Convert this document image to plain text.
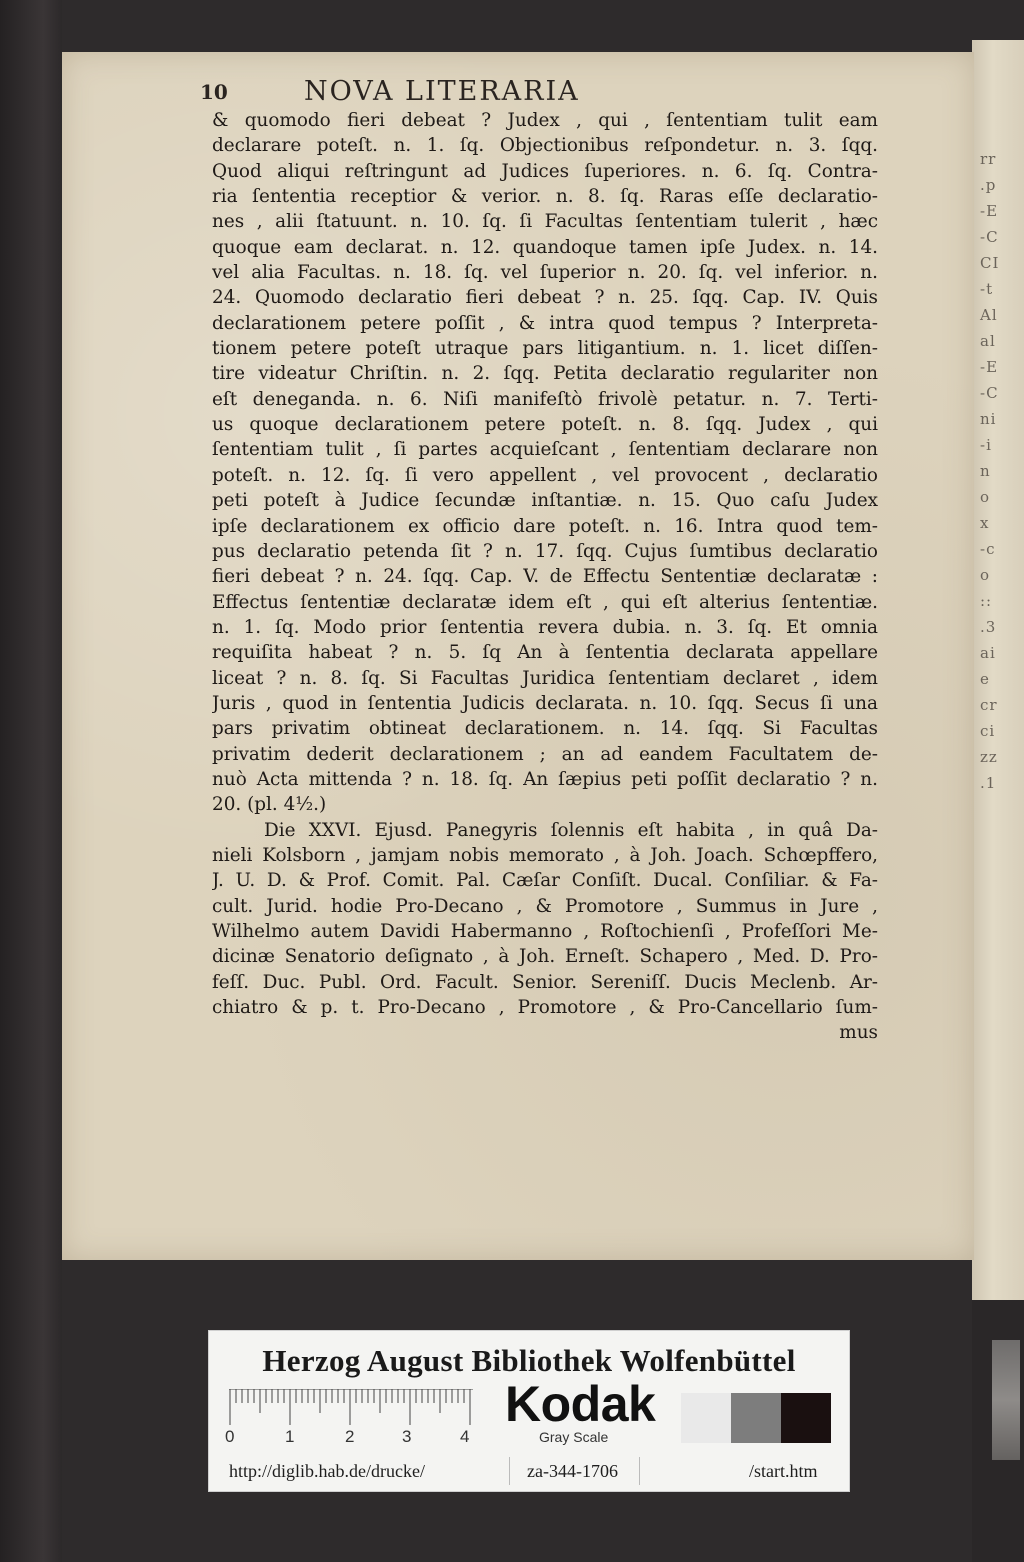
rr
.p
-E
-C
CI
-t
Al
al
-E
-C
ni
-i
n
o
x
-c
o
::
.3
ai
e
cr
ci
zz
.1
10	NOVA LITERARIA
& quomodo fieri debeat ? Judex , qui , ſententiam tulit eam
declarare poteſt. n. 1. ſq. Objectionibus reſpondetur. n. 3. ſqq.
Quod aliqui reſtringunt ad Judices ſuperiores. n. 6. ſq. Contra-
ria ſententia receptior & verior. n. 8. ſq. Raras eſſe declaratio-
nes , alii ſtatuunt. n. 10. ſq. ſi Facultas ſententiam tulerit , hæc
quoque eam declarat. n. 12. quandoque tamen ipſe Judex. n. 14.
vel alia Facultas. n. 18. ſq. vel ſuperior n. 20. ſq. vel inferior. n.
24. Quomodo declaratio fieri debeat ? n. 25. ſqq. Cap. IV. Quis
declarationem petere poſſit , & intra quod tempus ? Interpreta-
tionem petere poteſt utraque pars litigantium. n. 1. licet diſſen-
tire videatur Chriſtin. n. 2. ſqq. Petita declaratio regulariter non
eſt deneganda. n. 6. Niſi manifeſtò frivolè petatur. n. 7. Terti-
us quoque declarationem petere poteſt. n. 8. ſqq. Judex , qui
ſententiam tulit , ſi partes acquieſcant , ſententiam declarare non
poteſt. n. 12. ſq. ſi vero appellent , vel provocent , declaratio
peti poteſt à Judice ſecundæ inſtantiæ. n. 15. Quo caſu Judex
ipſe declarationem ex officio dare poteſt. n. 16. Intra quod tem-
pus declaratio petenda ſit ? n. 17. ſqq. Cujus ſumtibus declaratio
fieri debeat ? n. 24. ſqq. Cap. V. de Effectu Sententiæ declaratæ :
Effectus ſententiæ declaratæ idem eſt , qui eſt alterius ſententiæ.
n. 1. ſq. Modo prior ſententia revera dubia. n. 3. ſq. Et omnia
requiſita habeat ? n. 5. ſq An à ſententia declarata appellare
liceat ? n. 8. ſq. Si Facultas Juridica ſententiam declaret , idem
Juris , quod in ſententia Judicis declarata. n. 10. ſqq. Secus ſi una
pars privatim obtineat declarationem. n. 14. ſqq. Si Facultas
privatim dederit declarationem ; an ad eandem Facultatem de-
nuò Acta mittenda ? n. 18. ſq. An ſæpius peti poſſit declaratio ? n.
20. (pl. 4½.)
Die XXVI. Ejusd. Panegyris ſolennis eſt habita , in quâ Da-
nieli Kolsborn , jamjam nobis memorato , à Joh. Joach. Schœpffero,
J. U. D. & Prof. Comit. Pal. Cæſar Conſiſt. Ducal. Conſiliar. & Fa-
cult. Jurid. hodie Pro-Decano , & Promotore , Summus in Jure ,
Wilhelmo autem Davidi Habermanno , Roſtochienſi , Profeſſori Me-
dicinæ Senatorio deſignato , à Joh. Erneſt. Schapero , Med. D. Pro-
feſſ. Duc. Publ. Ord. Facult. Senior. Sereniſſ. Ducis Meclenb. Ar-
chiatro & p. t. Pro-Decano , Promotore , & Pro-Cancellario ſum-
mus
Herzog August Bibliothek Wolfenbüttel
0	1	2	3	4
Kodak
Gray Scale
http://diglib.hab.de/drucke/	za-344-1706	/start.htm
